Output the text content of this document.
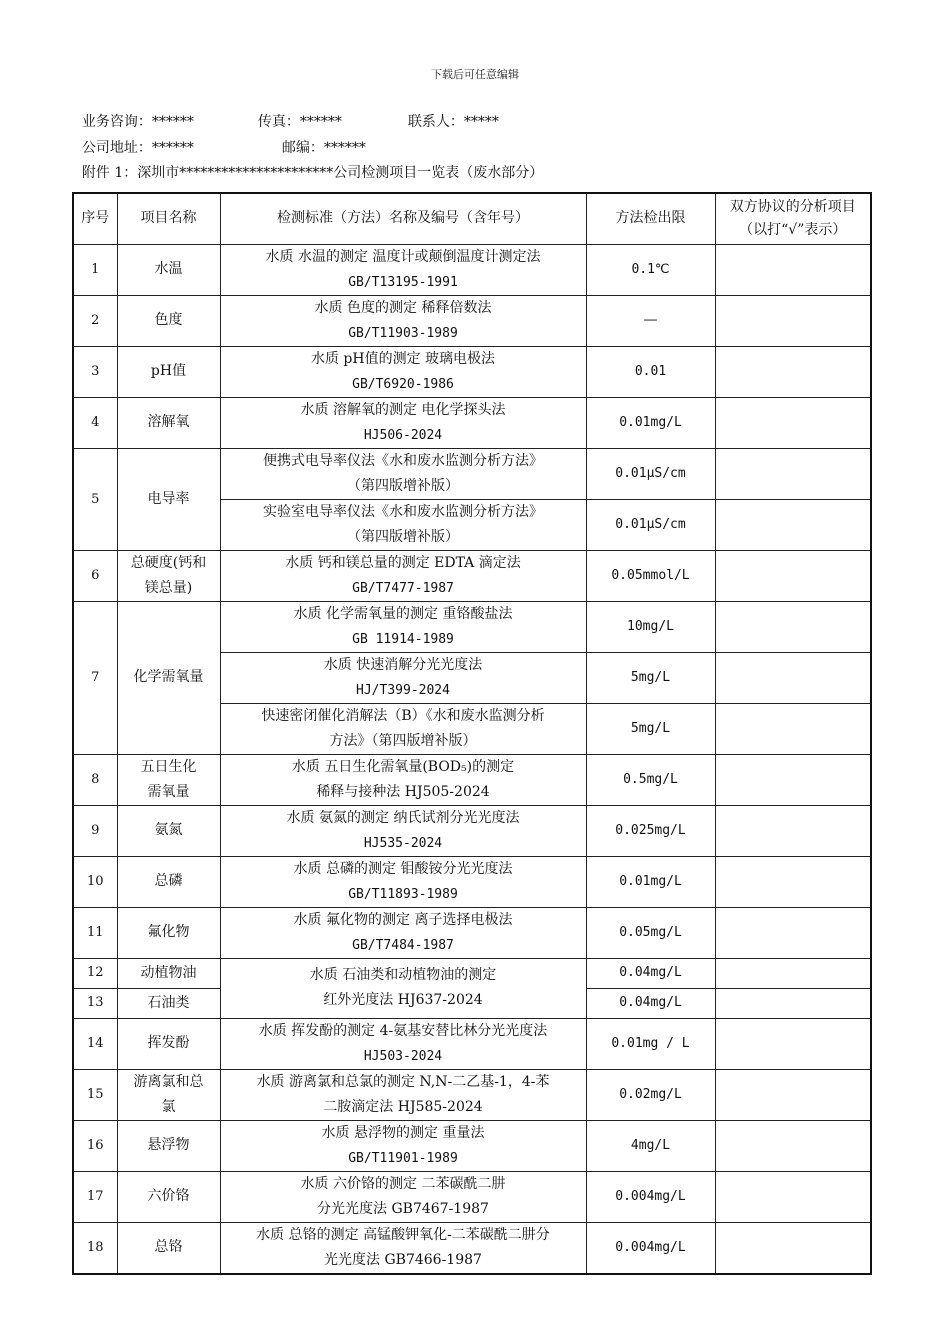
下载后可任意编辑

业务咨询：******	传真：******	联系人：*****

公司地址：******	邮编：******

附件 1：深圳市**********************公司检测项目一览表（废水部分）

序号	项目名称	检测标准（方法）名称及编号（含年号）	方法检出限	双方协议的分析项目
（以打“√”表示）

1	水温	水质 水温的测定 温度计或颠倒温度计测定法
GB/T13195-1991	0.1℃	
2	色度	水质 色度的测定 稀释倍数法
GB/T11903-1989	—	
3	pH值	水质 pH值的测定 玻璃电极法
GB/T6920-1986	0.01	
4	溶解氧	水质 溶解氧的测定 电化学探头法
HJ506-2024	0.01mg/L	
5	电导率	便携式电导率仪法《水和废水监测分析方法》
（第四版增补版）	0.01μS/cm	

		实验室电导率仪法《水和废水监测分析方法》
（第四版增补版）	0.01μS/cm	
6	总硬度(钙和
镁总量)	水质 钙和镁总量的测定 EDTA 滴定法
GB/T7477-1987	0.05mmol/L	
7	化学需氧量	水质 化学需氧量的测定 重铬酸盐法
GB 11914-1989	10mg/L	

		水质 快速消解分光光度法
HJ/T399-2024	5mg/L	

		快速密闭催化消解法（B）《水和废水监测分析
方法》（第四版增补版）	5mg/L	
8	五日生化
需氧量	水质 五日生化需氧量(BOD₅)的测定
稀释与接种法 HJ505-2024	0.5mg/L	
9	氨氮	水质 氨氮的测定 纳氏试剂分光光度法
HJ535-2024	0.025mg/L	
10	总磷	水质 总磷的测定 钼酸铵分光光度法
GB/T11893-1989	0.01mg/L	
11	氟化物	水质 氟化物的测定 离子选择电极法
GB/T7484-1987	0.05mg/L	
12	动植物油	水质 石油类和动植物油的测定
红外光度法 HJ637-2024	0.04mg/L	
13	石油类		0.04mg/L	
14	挥发酚	水质 挥发酚的测定 4-氨基安替比林分光光度法
HJ503-2024	0.01mg / L	
15	游离氯和总
氯	水质 游离氯和总氯的测定 N,N-二乙基-1，4-苯
二胺滴定法 HJ585-2024	0.02mg/L	
16	悬浮物	水质 悬浮物的测定 重量法
GB/T11901-1989	4mg/L	
17	六价铬	水质 六价铬的测定 二苯碳酰二肼
分光光度法 GB7467-1987	0.004mg/L	
18	总铬	水质 总铬的测定 高锰酸钾氧化-二苯碳酰二肼分
光光度法 GB7466-1987	0.004mg/L	
